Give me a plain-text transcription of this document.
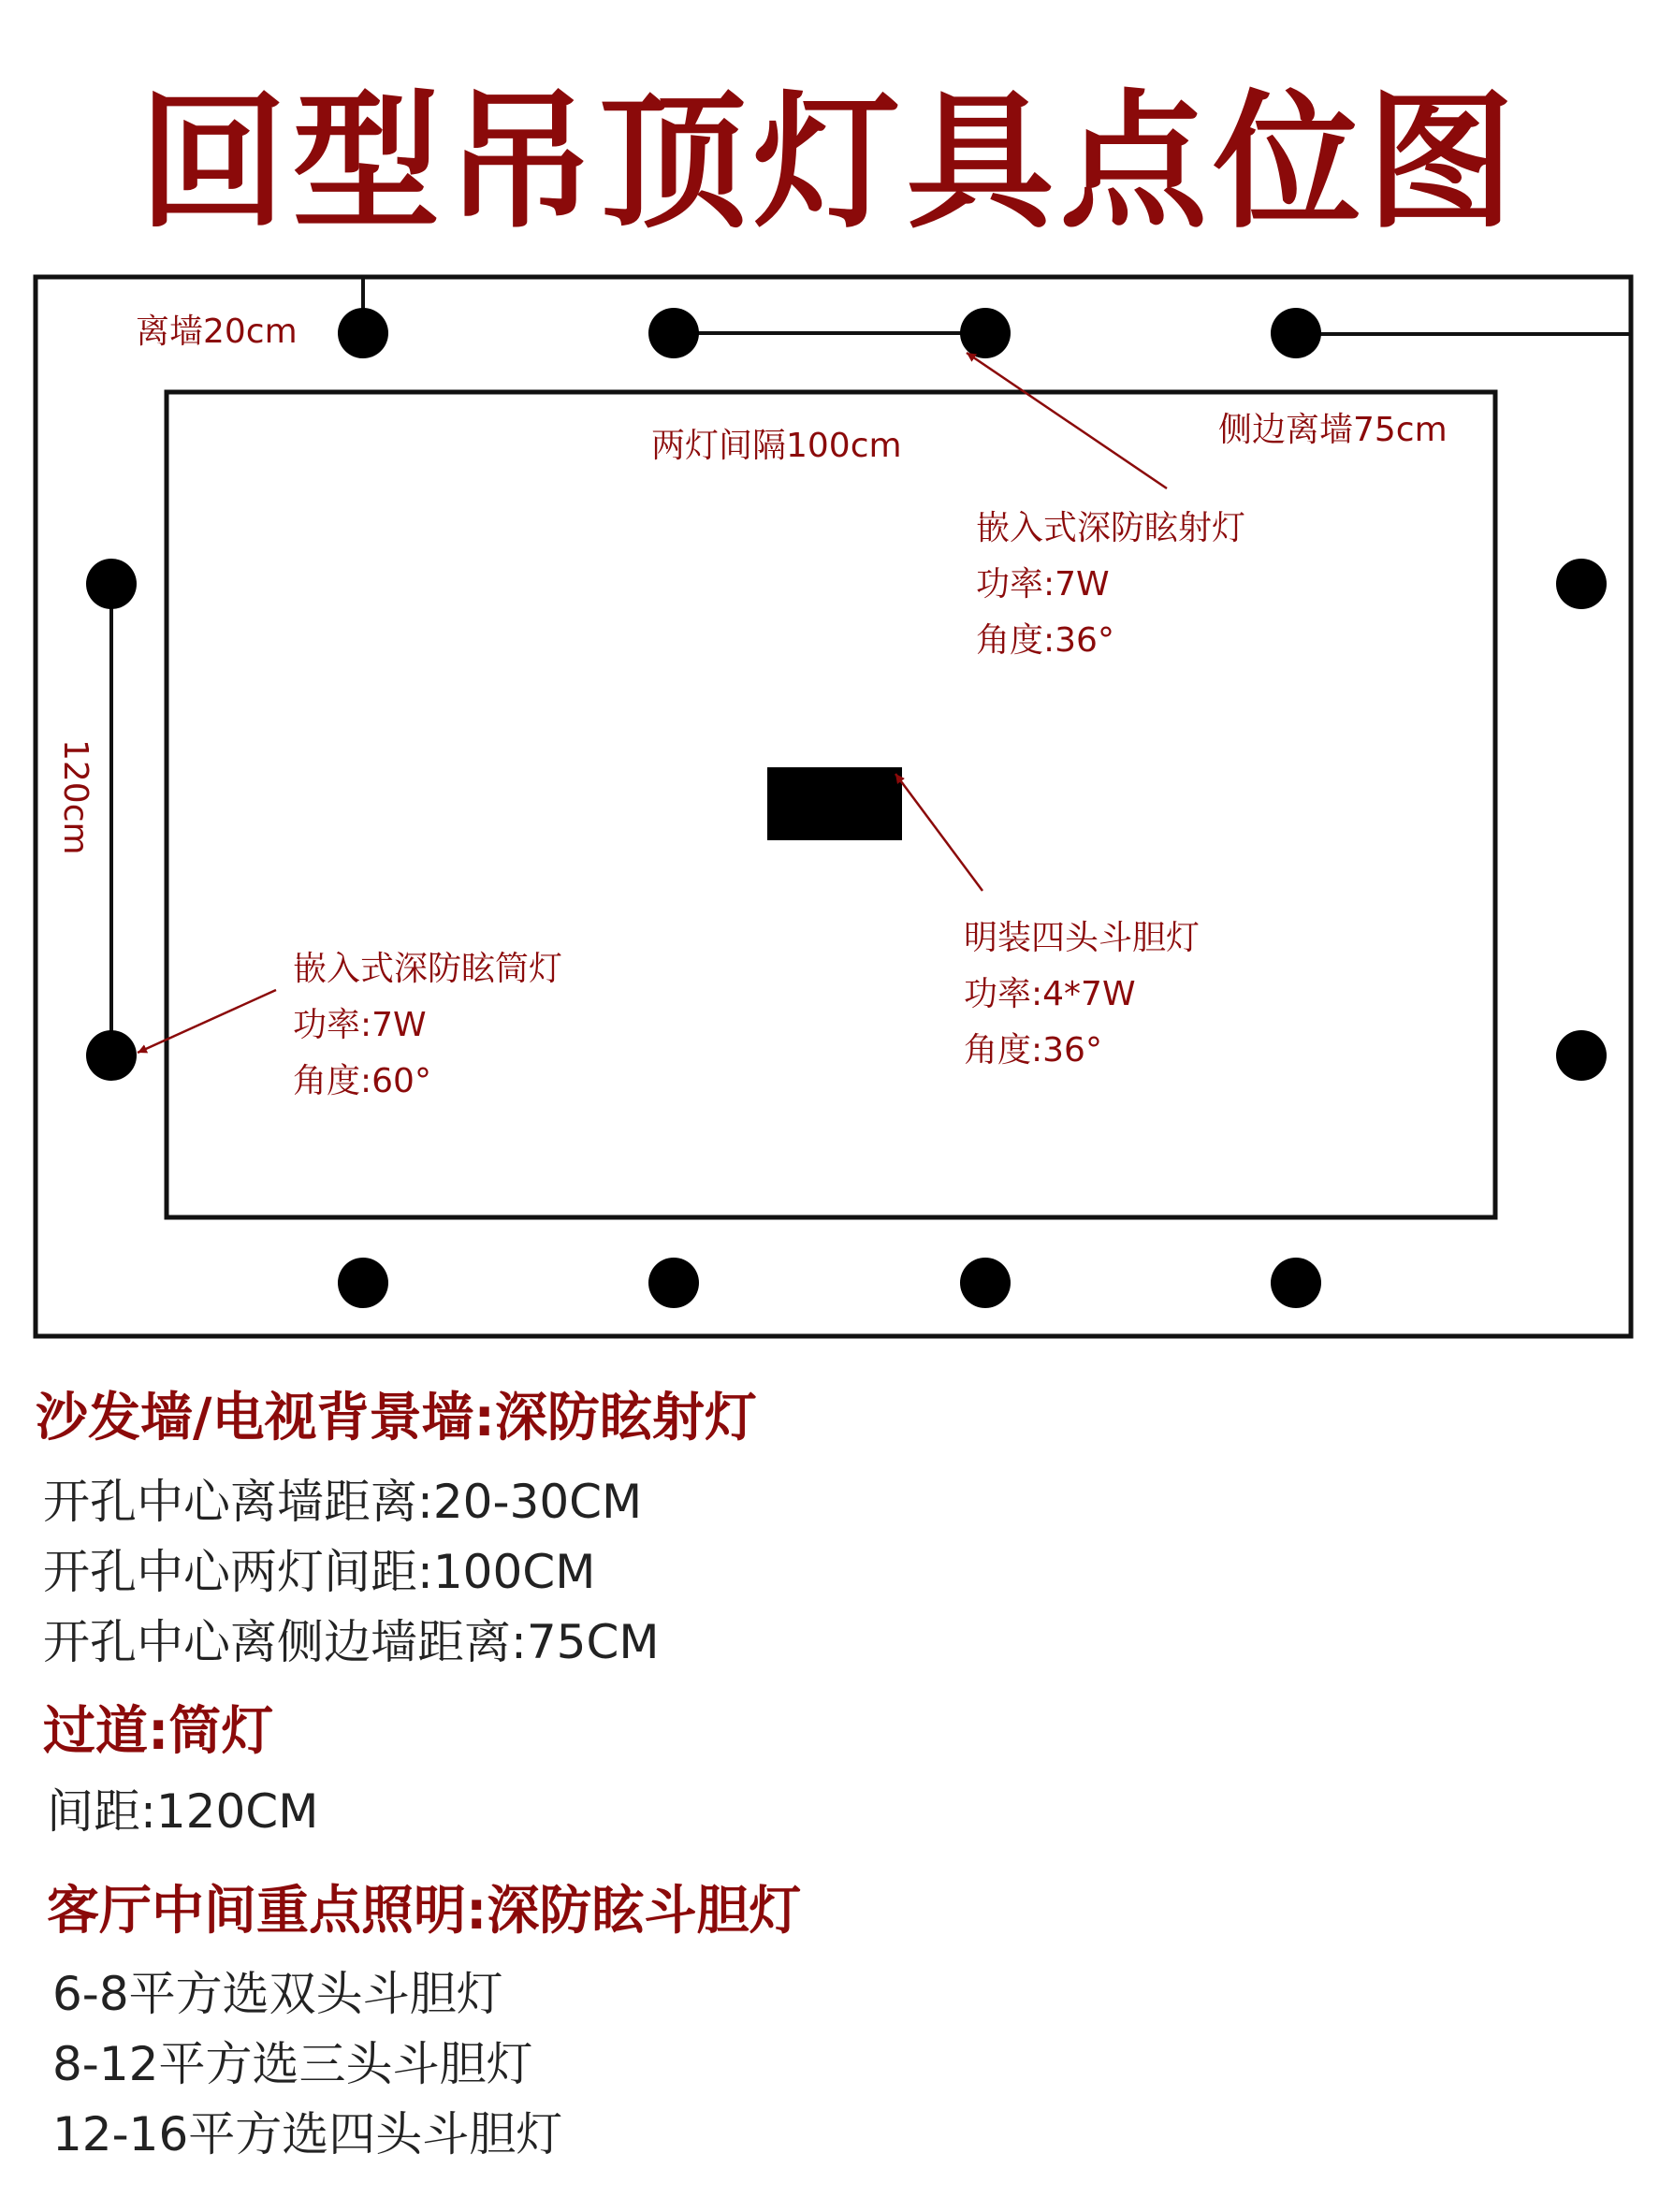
回型吊顶灯具点位图
离墙20cm
两灯间隔100cm	侧边离墙75cm
120cm
嵌入式深防眩射灯
功率:7W
角度:36°
明装四头斗胆灯
功率:4*7W
角度:36°
嵌入式深防眩筒灯
功率:7W
角度:60°
沙发墙/电视背景墙:深防眩射灯
开孔中心离墙距离:20-30CM
开孔中心两灯间距:100CM
开孔中心离侧边墙距离:75CM
过道:筒灯
间距:120CM
客厅中间重点照明:深防眩斗胆灯
6-8平方选双头斗胆灯
8-12平方选三头斗胆灯
12-16平方选四头斗胆灯
